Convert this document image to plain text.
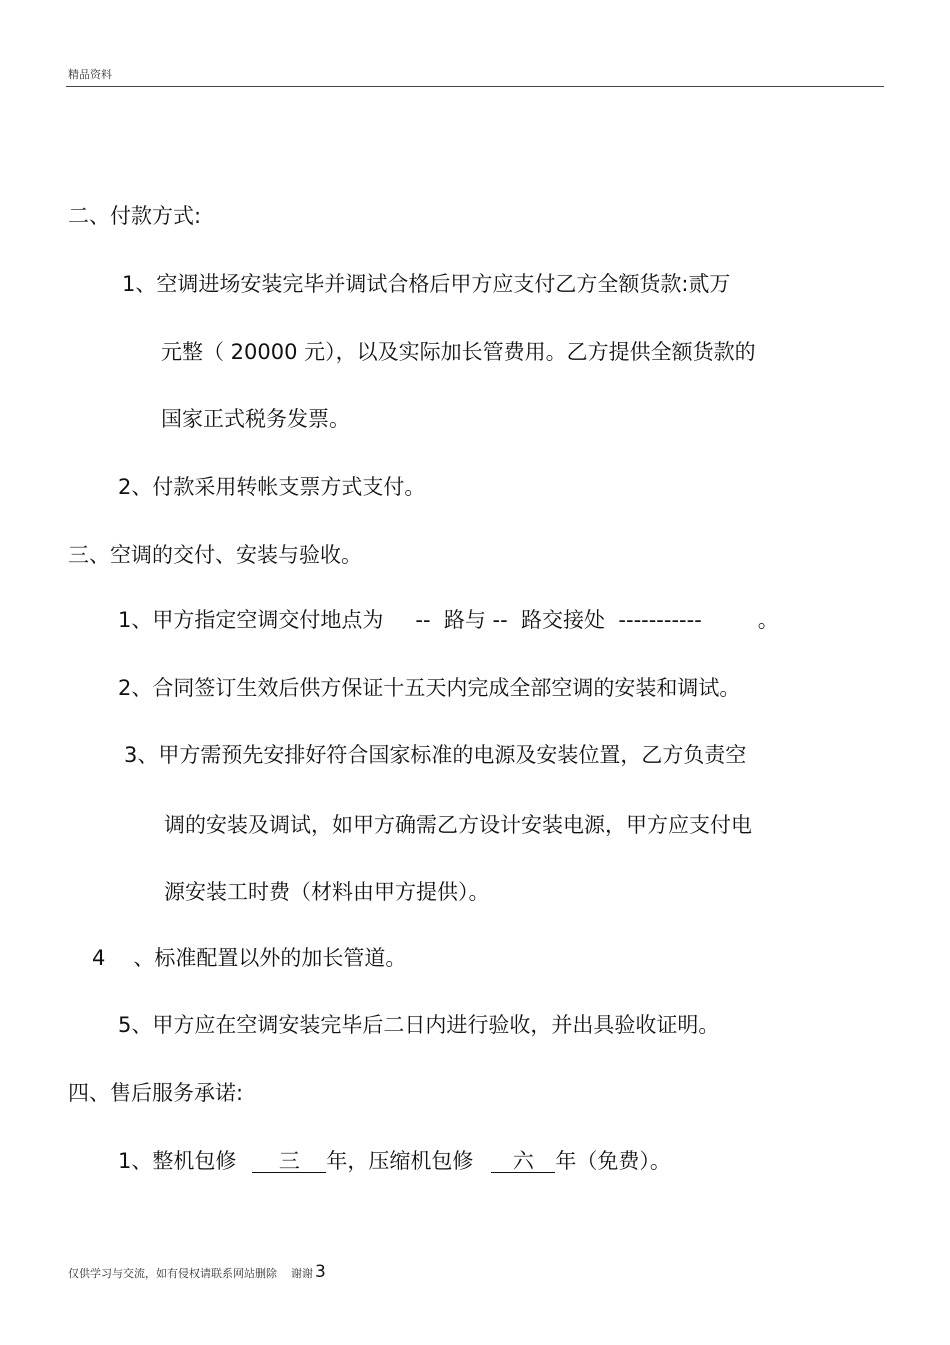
精品资料
二、付款方式:
1、空调进场安装完毕并调试合格后甲方应支付乙方全额货款:贰万
元整（ 20000 元），以及实际加长管费用。乙方提供全额货款的
国家正式税务发票。
2、付款采用转帐支票方式支付。
三、空调的交付、安装与验收。
1、甲方指定空调交付地点为 --  路与 --  路交接处  -----------	。
2、合同签订生效后供方保证十五天内完成全部空调的安装和调试。
3、甲方需预先安排好符合国家标准的电源及安装位置，乙方负责空
调的安装及调试，如甲方确需乙方设计安装电源，甲方应支付电
源安装工时费（材料由甲方提供）。
4 、标准配置以外的加长管道。
5、甲方应在空调安装完毕后二日内进行验收，并出具验收证明。
四、售后服务承诺:
1、整机包修 三 年，压缩机包修 六 年（免费）。
仅供学习与交流，如有侵权请联系网站删除 谢谢 3
